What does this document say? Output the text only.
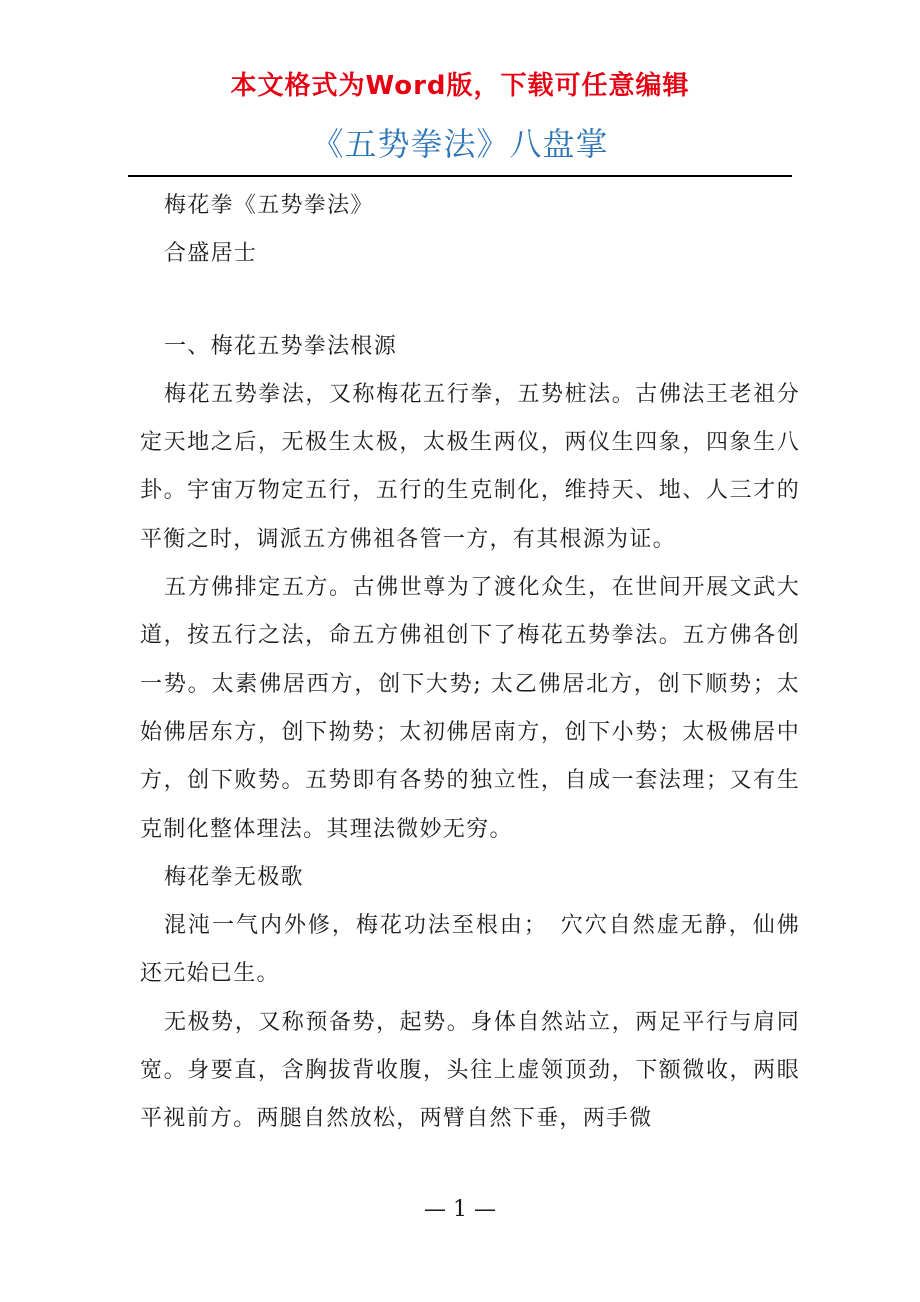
本文格式为Word版，下载可任意编辑
《五势拳法》八盘掌

梅花拳《五势拳法》

合盛居士

一、梅花五势拳法根源

梅花五势拳法，又称梅花五行拳，五势桩法。古佛法王老祖分定天地之后，无极生太极，太极生两仪，两仪生四象，四象生八卦。宇宙万物定五行，五行的生克制化，维持天、地、人三才的平衡之时，调派五方佛祖各管一方，有其根源为证。

五方佛排定五方。古佛世尊为了渡化众生，在世间开展文武大道，按五行之法，命五方佛祖创下了梅花五势拳法。五方佛各创一势。太素佛居西方，创下大势; 太乙佛居北方，创下顺势；太始佛居东方，创下拗势；太初佛居南方，创下小势；太极佛居中方，创下败势。五势即有各势的独立性，自成一套法理；又有生克制化整体理法。其理法微妙无穷。

梅花拳无极歌

混沌一气内外修，梅花功法至根由；　穴穴自然虚无静，仙佛还元始已生。

无极势，又称预备势，起势。身体自然站立，两足平行与肩同宽。身要直，含胸拔背收腹，头往上虚领顶劲，下额微收，两眼平视前方。两腿自然放松，两臂自然下垂，两手微

— 1 —
